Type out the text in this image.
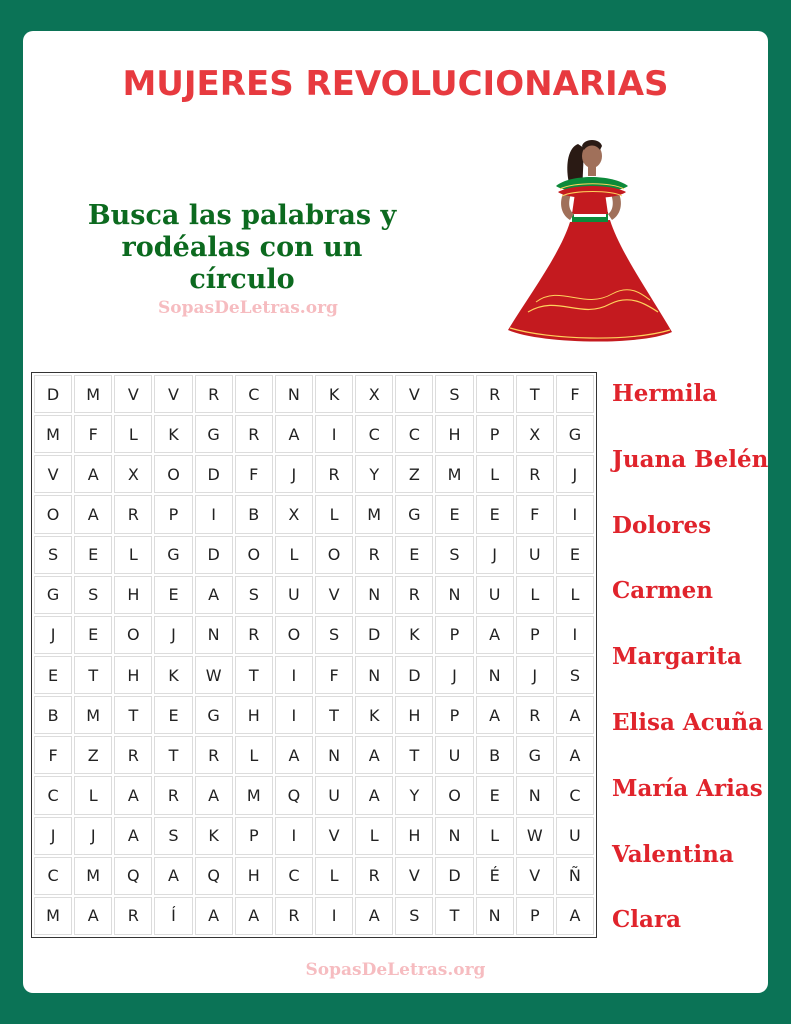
MUJERES REVOLUCIONARIAS
Busca las palabras y
rodéalas con un círculo
SopasDeLetras.org
D	M	V	V	R	C	N	K	X	V	S	R	T	F
M	F	L	K	G	R	A	I	C	C	H	P	X	G
V	A	X	O	D	F	J	R	Y	Z	M	L	R	J
O	A	R	P	I	B	X	L	M	G	E	E	F	I
S	E	L	G	D	O	L	O	R	E	S	J	U	E
G	S	H	E	A	S	U	V	N	R	N	U	L	L
J	E	O	J	N	R	O	S	D	K	P	A	P	I
E	T	H	K	W	T	I	F	N	D	J	N	J	S
B	M	T	E	G	H	I	T	K	H	P	A	R	A
F	Z	R	T	R	L	A	N	A	T	U	B	G	A
C	L	A	R	A	M	Q	U	A	Y	O	E	N	C
J	J	A	S	K	P	I	V	L	H	N	L	W	U
C	M	Q	A	Q	H	C	L	R	V	D	É	V	Ñ
M	A	R	Í	A	A	R	I	A	S	T	N	P	A
Hermila
Juana Belén
Dolores
Carmen
Margarita
Elisa Acuña
María Arias
Valentina
Clara
SopasDeLetras.org
